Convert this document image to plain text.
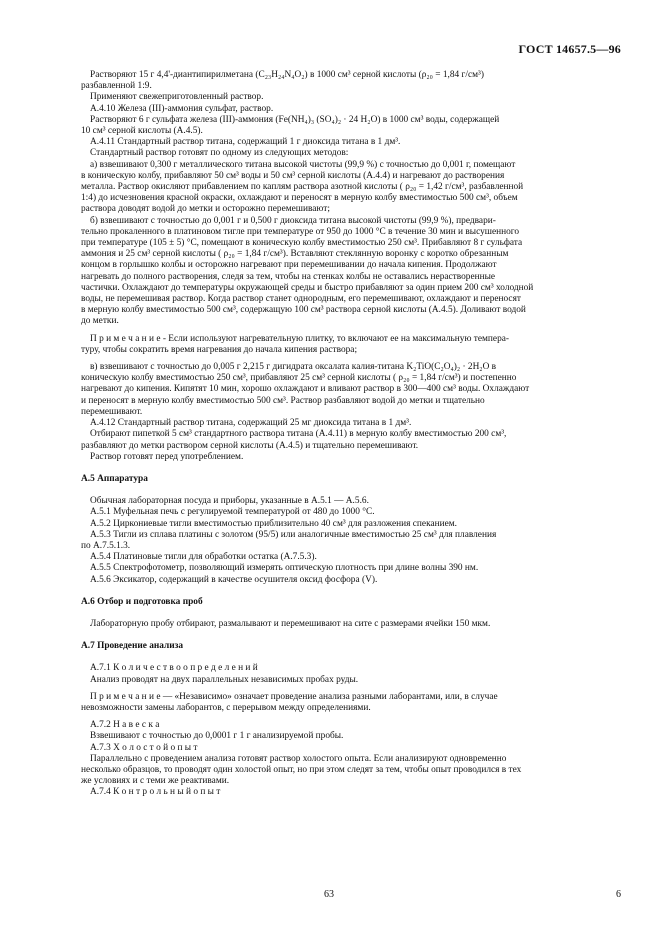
ГОСТ 14657.5—96

Растворяют 15 г 4,4'-диантипирилметана (C₂₃H₂₄N₄O₂) в 1000 см³ серной кислоты (ρ₂₀ = 1,84 г/см³)

разбавленной 1:9.

Применяют свежеприготовленный раствор.

А.4.10 Железа (III)-аммония сульфат, раствор.

Растворяют 6 г сульфата железа (III)-аммония (Fe(NH₄)₃ (SO₄)₂ · 24 H₂O) в 1000 см³ воды, содержащей

10 см³ серной кислоты (А.4.5).

А.4.11 Стандартный раствор титана, содержащий 1 г диоксида титана в 1 дм³.

Стандартный раствор готовят по одному из следующих методов:

а) взвешивают 0,300 г металлического титана высокой чистоты (99,9 %) с точностью до 0,001 г, помещают

в коническую колбу, прибавляют 50 см³ воды и 50 см³ серной кислоты (А.4.4) и нагревают до растворения

металла. Раствор окисляют прибавлением по каплям раствора азотной кислоты ( ρ₂₀ = 1,42 г/см³, разбавленной

1:4) до исчезновения красной окраски, охлаждают и переносят в мерную колбу вместимостью 500 см³, объем

раствора доводят водой до метки и осторожно перемешивают;

б) взвешивают с точностью до 0,001 г и 0,500 г диоксида титана высокой чистоты (99,9 %), предвари-

тельно прокаленного в платиновом тигле при температуре от 950 до 1000 °С в течение 30 мин и высушенного

при температуре (105 ± 5) °С, помещают в коническую колбу вместимостью 250 см³. Прибавляют 8 г сульфата

аммония и 25 см³ серной кислоты ( ρ₂₀ = 1,84 г/см³). Вставляют стеклянную воронку с коротко обрезанным

концом в горлышко колбы и осторожно нагревают при перемешивании до начала кипения. Продолжают

нагревать до полного растворения, следя за тем, чтобы на стенках колбы не оставались нерастворенные

частички. Охлаждают до температуры окружающей среды и быстро прибавляют за один прием 200 см³ холодной

воды, не перемешивая раствор. Когда раствор станет однородным, его перемешивают, охлаждают и переносят

в мерную колбу вместимостью 500 см³, содержащую 100 см³ раствора серной кислоты (А.4.5). Доливают водой

до метки.

П р и м е ч а н и е - Если используют нагревательную плитку, то включают ее на максимальную темпера-

туру, чтобы сократить время нагревания до начала кипения раствора;

в) взвешивают с точностью до 0,005 г 2,215 г дигидрата оксалата калия-титана K₂TiO(C₂O₄)₂ · 2H₂O в

коническую колбу вместимостью 250 см³, прибавляют 25 см³ серной кислоты ( ρ₂₀ = 1,84 г/см³) и постепенно

нагревают до кипения. Кипятят 10 мин, хорошо охлаждают и вливают раствор в 300—400 см³ воды. Охлаждают

и переносят в мерную колбу вместимостью 500 см³. Раствор разбавляют водой до метки и тщательно

перемешивают.

А.4.12 Стандартный раствор титана, содержащий 25 мг диоксида титана в 1 дм³.

Отбирают пипеткой 5 см³ стандартного раствора титана (А.4.11) в мерную колбу вместимостью 200 см³,

разбавляют до метки раствором серной кислоты (А.4.5) и тщательно перемешивают.

Раствор готовят перед употреблением.

А.5 Аппаратура

Обычная лабораторная посуда и приборы, указанные в А.5.1 — А.5.6.

А.5.1 Муфельная печь с регулируемой температурой от 480 до 1000 °С.

А.5.2 Циркониевые тигли вместимостью приблизительно 40 см³ для разложения спеканием.

А.5.3 Тигли из сплава платины с золотом (95/5) или аналогичные вместимостью 25 см³ для плавления

по А.7.5.1.3.

А.5.4 Платиновые тигли для обработки остатка (А.7.5.3).

А.5.5 Спектрофотометр, позволяющий измерять оптическую плотность при длине волны 390 нм.

А.5.6 Эксикатор, содержащий в качестве осушителя оксид фосфора (V).

А.6 Отбор и подготовка проб

Лабораторную пробу отбирают, размалывают и перемешивают на сите с размерами ячейки 150 мкм.

А.7 Проведение анализа

А.7.1 К о л и ч е с т в о о п р е д е л е н и й

Анализ проводят на двух параллельных независимых пробах руды.

П р и м е ч а н и е — «Независимо» означает проведение анализа разными лаборантами, или, в случае

невозможности замены лаборантов, с перерывом между определениями.

А.7.2 Н а в е с к а

Взвешивают с точностью до 0,0001 г 1 г анализируемой пробы.

А.7.3 Х о л о с т о й о п ы т

Параллельно с проведением анализа готовят раствор холостого опыта. Если анализируют одновременно

несколько образцов, то проводят один холостой опыт, но при этом следят за тем, чтобы опыт проводился в тех

же условиях и с теми же реактивами.

А.7.4 К о н т р о л ь н ы й о п ы т

63	6
